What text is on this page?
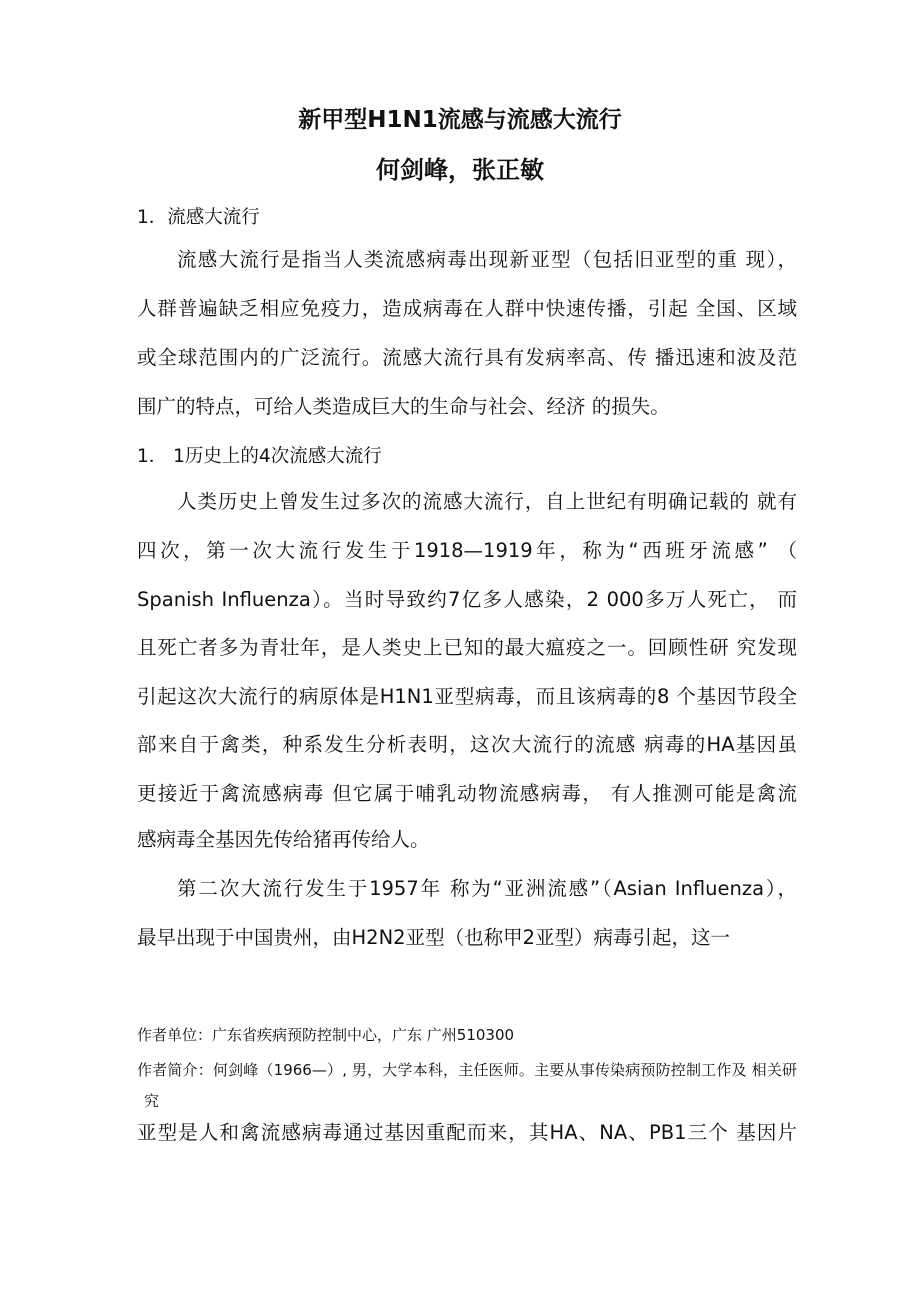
新甲型H1N1流感与流感大流行
何剑峰，张正敏
1．流感大流行
流感大流行是指当人类流感病毒出现新亚型（包括旧亚型的重 现），
人群普遍缺乏相应免疫力，造成病毒在人群中快速传播，引起 全国、区域
或全球范围内的广泛流行。流感大流行具有发病率高、传 播迅速和波及范
围广的特点，可给人类造成巨大的生命与社会、经济 的损失。
1． 1历史上的4次流感大流行
人类历史上曾发生过多次的流感大流行，自上世纪有明确记载的 就有
四次，第一次大流行发生于1918—1919年，称为“西班牙流感” （
Spanish Influenza）。当时导致约7亿多人感染，2 000多万人死亡， 而
且死亡者多为青壮年，是人类史上已知的最大瘟疫之一。回顾性研 究发现
引起这次大流行的病原体是H1N1亚型病毒，而且该病毒的8 个基因节段全
部来自于禽类，种系发生分析表明，这次大流行的流感 病毒的HA基因虽
更接近于禽流感病毒 但它属于哺乳动物流感病毒， 有人推测可能是禽流
感病毒全基因先传给猪再传给人。
第二次大流行发生于1957年 称为“亚洲流感”（Asian Influenza），
最早出现于中国贵州，由H2N2亚型（也称甲2亚型）病毒引起，这一
作者单位：广东省疾病预防控制中心，广东 广州510300
作者简介：何剑峰（1966—）, 男，大学本科，主任医师。主要从事传染病预防控制工作及 相关研
究
亚型是人和禽流感病毒通过基因重配而来，其HA、NA、PB1三个 基因片
